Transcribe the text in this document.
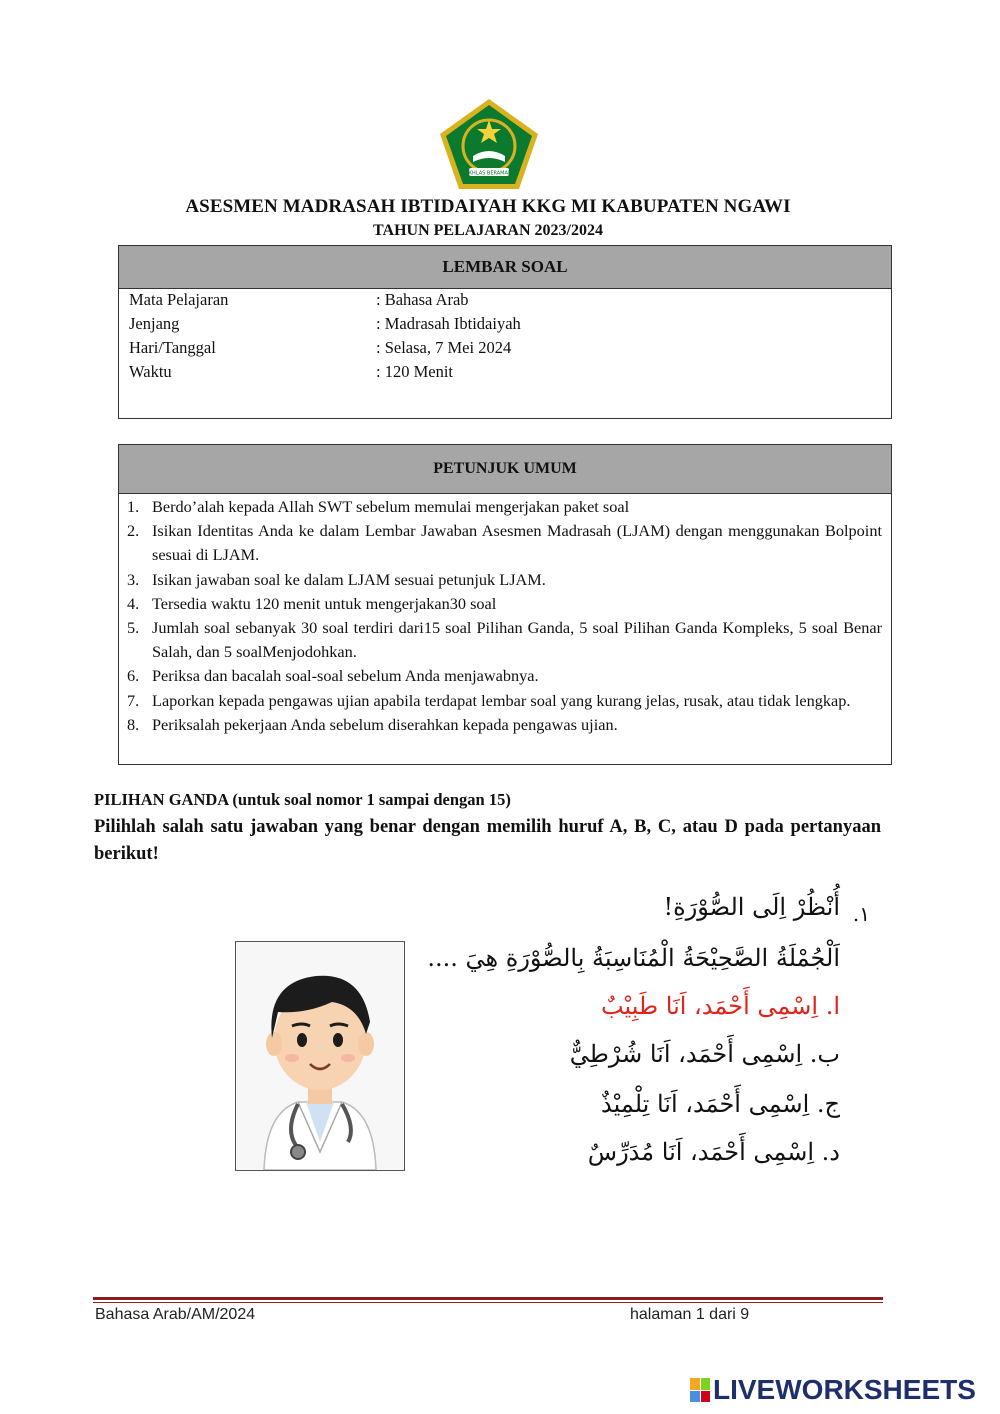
IKHLAS BERAMAL
ASESMEN MADRASAH IBTIDAIYAH KKG MI KABUPATEN NGAWI
TAHUN PELAJARAN 2023/2024
LEMBAR SOAL
Mata Pelajaran	: Bahasa Arab
Jenjang	: Madrasah Ibtidaiyah
Hari/Tanggal	: Selasa, 7 Mei 2024
Waktu	: 120 Menit
PETUNJUK UMUM
1. Berdo’alah kepada Allah SWT sebelum memulai mengerjakan paket soal
2. Isikan Identitas Anda ke dalam Lembar Jawaban Asesmen Madrasah (LJAM) dengan menggunakan Bolpoint sesuai di LJAM.
3. Isikan jawaban soal ke dalam LJAM sesuai petunjuk LJAM.
4. Tersedia waktu 120 menit untuk mengerjakan30 soal
5. Jumlah soal sebanyak 30 soal terdiri dari15 soal Pilihan Ganda, 5 soal Pilihan Ganda Kompleks, 5 soal Benar Salah, dan 5 soalMenjodohkan.
6. Periksa dan bacalah soal-soal sebelum Anda menjawabnya.
7. Laporkan kepada pengawas ujian apabila terdapat lembar soal yang kurang jelas, rusak, atau tidak lengkap.
8. Periksalah pekerjaan Anda sebelum diserahkan kepada pengawas ujian.
PILIHAN GANDA (untuk soal nomor 1 sampai dengan 15)
Pilihlah salah satu jawaban yang benar dengan memilih huruf A, B, C, atau D pada pertanyaan berikut!
١.
أُنْظُرْ اِلَى الصُّوْرَةِ!
اَلْجُمْلَةُ الصَّحِيْحَةُ الْمُنَاسِبَةُ بِالصُّوْرَةِ هِيَ ....
ا. اِسْمِى أَحْمَد، اَنَا طَبِيْبٌ
ب. اِسْمِى أَحْمَد، اَنَا شُرْطِيٌّ
ج. اِسْمِى أَحْمَد، اَنَا تِلْمِيْذٌ
د. اِسْمِى أَحْمَد، اَنَا مُدَرِّسٌ
Bahasa Arab/AM/2024	halaman 1 dari 9
LIVEWORKSHEETS
